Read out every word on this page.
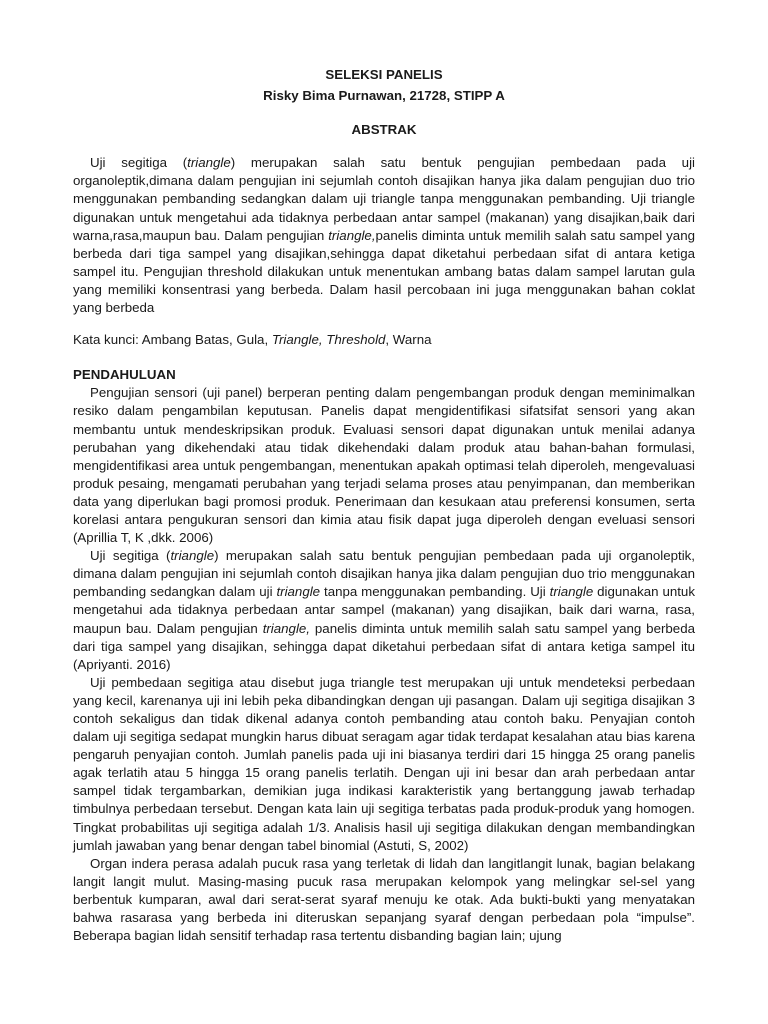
SELEKSI PANELIS
Risky Bima Purnawan, 21728, STIPP A
ABSTRAK

Uji segitiga (triangle) merupakan salah satu bentuk pengujian pembedaan pada uji organoleptik,dimana dalam pengujian ini sejumlah contoh disajikan hanya jika dalam pengujian duo trio menggunakan pembanding sedangkan dalam uji triangle tanpa menggunakan pembanding. Uji triangle digunakan untuk mengetahui ada tidaknya perbedaan antar sampel (makanan) yang disajikan,baik dari warna,rasa,maupun bau. Dalam pengujian triangle,panelis diminta untuk memilih salah satu sampel yang berbeda dari tiga sampel yang disajikan,sehingga dapat diketahui perbedaan sifat di antara ketiga sampel itu. Pengujian threshold dilakukan untuk menentukan ambang batas dalam sampel larutan gula yang memiliki konsentrasi yang berbeda. Dalam hasil percobaan ini juga menggunakan bahan coklat yang berbeda

Kata kunci: Ambang Batas, Gula, Triangle, Threshold, Warna

PENDAHULUAN

Pengujian sensori (uji panel) berperan penting dalam pengembangan produk dengan meminimalkan resiko dalam pengambilan keputusan. Panelis dapat mengidentifikasi sifatsifat sensori yang akan membantu untuk mendeskripsikan produk. Evaluasi sensori dapat digunakan untuk menilai adanya perubahan yang dikehendaki atau tidak dikehendaki dalam produk atau bahan-bahan formulasi, mengidentifikasi area untuk pengembangan, menentukan apakah optimasi telah diperoleh, mengevaluasi produk pesaing, mengamati perubahan yang terjadi selama proses atau penyimpanan, dan memberikan data yang diperlukan bagi promosi produk. Penerimaan dan kesukaan atau preferensi konsumen, serta korelasi antara pengukuran sensori dan kimia atau fisik dapat juga diperoleh dengan eveluasi sensori (Aprillia T, K ,dkk. 2006)

Uji segitiga (triangle) merupakan salah satu bentuk pengujian pembedaan pada uji organoleptik, dimana dalam pengujian ini sejumlah contoh disajikan hanya jika dalam pengujian duo trio menggunakan pembanding sedangkan dalam uji triangle tanpa menggunakan pembanding. Uji triangle digunakan untuk mengetahui ada tidaknya perbedaan antar sampel (makanan) yang disajikan, baik dari warna, rasa, maupun bau. Dalam pengujian triangle, panelis diminta untuk memilih salah satu sampel yang berbeda dari tiga sampel yang disajikan, sehingga dapat diketahui perbedaan sifat di antara ketiga sampel itu (Apriyanti. 2016)

Uji pembedaan segitiga atau disebut juga triangle test merupakan uji untuk mendeteksi perbedaan yang kecil, karenanya uji ini lebih peka dibandingkan dengan uji pasangan. Dalam uji segitiga disajikan 3 contoh sekaligus dan tidak dikenal adanya contoh pembanding atau contoh baku. Penyajian contoh dalam uji segitiga sedapat mungkin harus dibuat seragam agar tidak terdapat kesalahan atau bias karena pengaruh penyajian contoh. Jumlah panelis pada uji ini biasanya terdiri dari 15 hingga 25 orang panelis agak terlatih atau 5 hingga 15 orang panelis terlatih. Dengan uji ini besar dan arah perbedaan antar sampel tidak tergambarkan, demikian juga indikasi karakteristik yang bertanggung jawab terhadap timbulnya perbedaan tersebut. Dengan kata lain uji segitiga terbatas pada produk-produk yang homogen. Tingkat probabilitas uji segitiga adalah 1/3. Analisis hasil uji segitiga dilakukan dengan membandingkan jumlah jawaban yang benar dengan tabel binomial (Astuti, S, 2002)

Organ indera perasa adalah pucuk rasa yang terletak di lidah dan langitlangit lunak, bagian belakang langit langit mulut. Masing-masing pucuk rasa merupakan kelompok yang melingkar sel-sel yang berbentuk kumparan, awal dari serat-serat syaraf menuju ke otak. Ada bukti-bukti yang menyatakan bahwa rasarasa yang berbeda ini diteruskan sepanjang syaraf dengan perbedaan pola “impulse”. Beberapa bagian lidah sensitif terhadap rasa tertentu disbanding bagian lain; ujung
